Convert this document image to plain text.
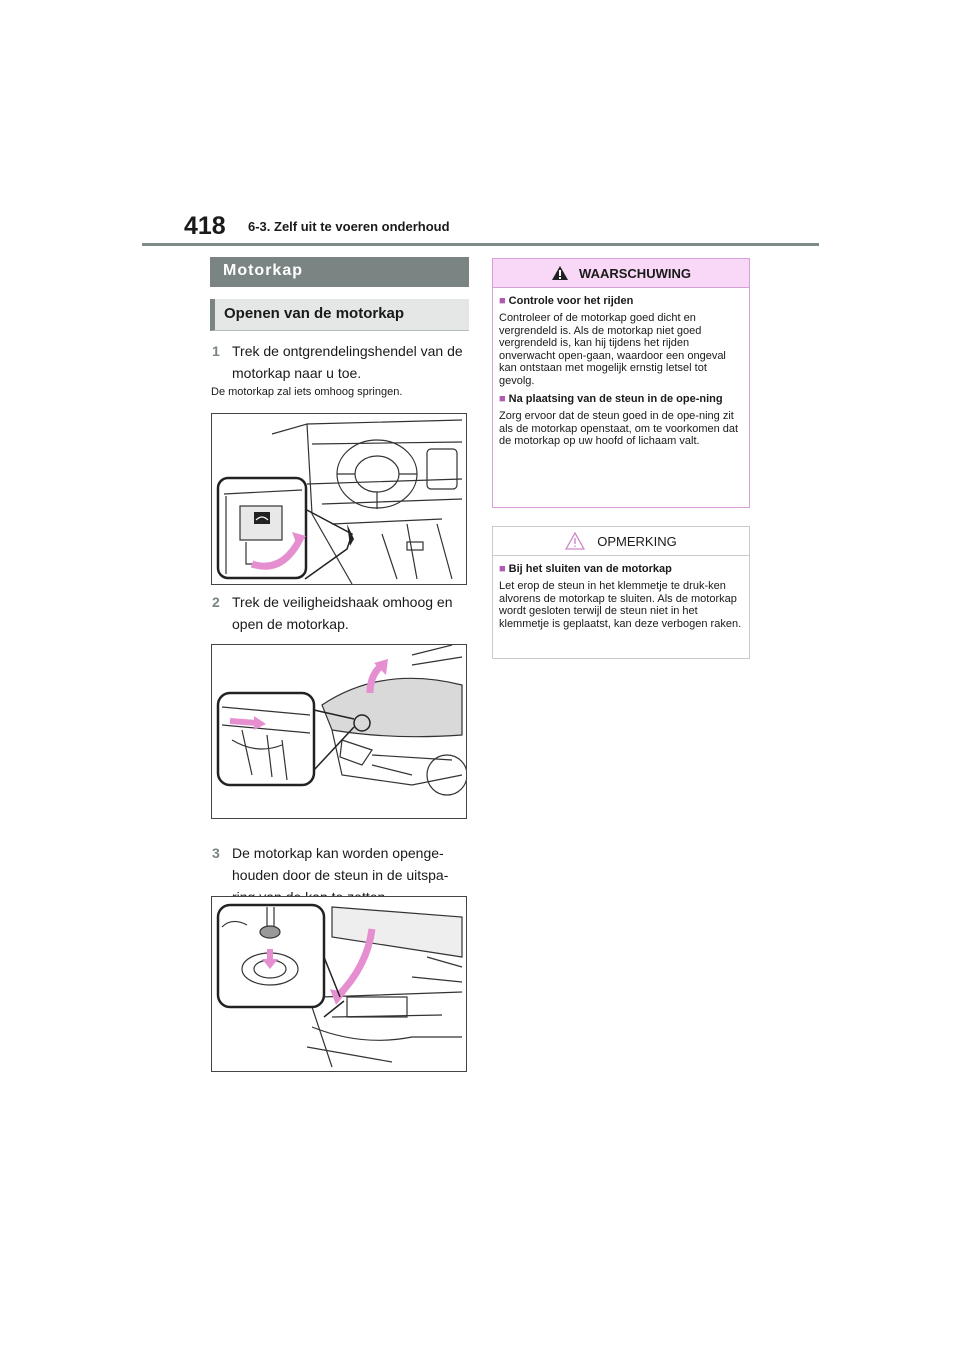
418 6-3. Zelf uit te voeren onderhoud
Motorkap
Openen van de motorkap
1 Trek de ontgrendelingshendel van de motorkap naar u toe.
De motorkap zal iets omhoog springen.
2 Trek de veiligheidshaak omhoog en open de motorkap.
3 De motorkap kan worden openge-houden door de steun in de uitspa-
WAARSCHUWING
■ Controle voor het rijden
Controleer of de motorkap goed dicht en vergrendeld is. Als de motorkap niet goed vergrendeld is, kan hij tijdens het rijden onverwacht open-gaan, waardoor een ongeval kan ontstaan met mogelijk ernstig letsel tot gevolg.
■ Na plaatsing van de steun in de ope-ning
Zorg ervoor dat de steun goed in de ope-ning zit als de motorkap openstaat, om te voorkomen dat de motorkap op uw hoofd of lichaam valt.
OPMERKING
■ Bij het sluiten van de motorkap
Let erop de steun in het klemmetje te druk-ken alvorens de motorkap te sluiten. Als de motorkap wordt gesloten terwijl de steun niet in het klemmetje is geplaatst, kan deze verbogen raken.
